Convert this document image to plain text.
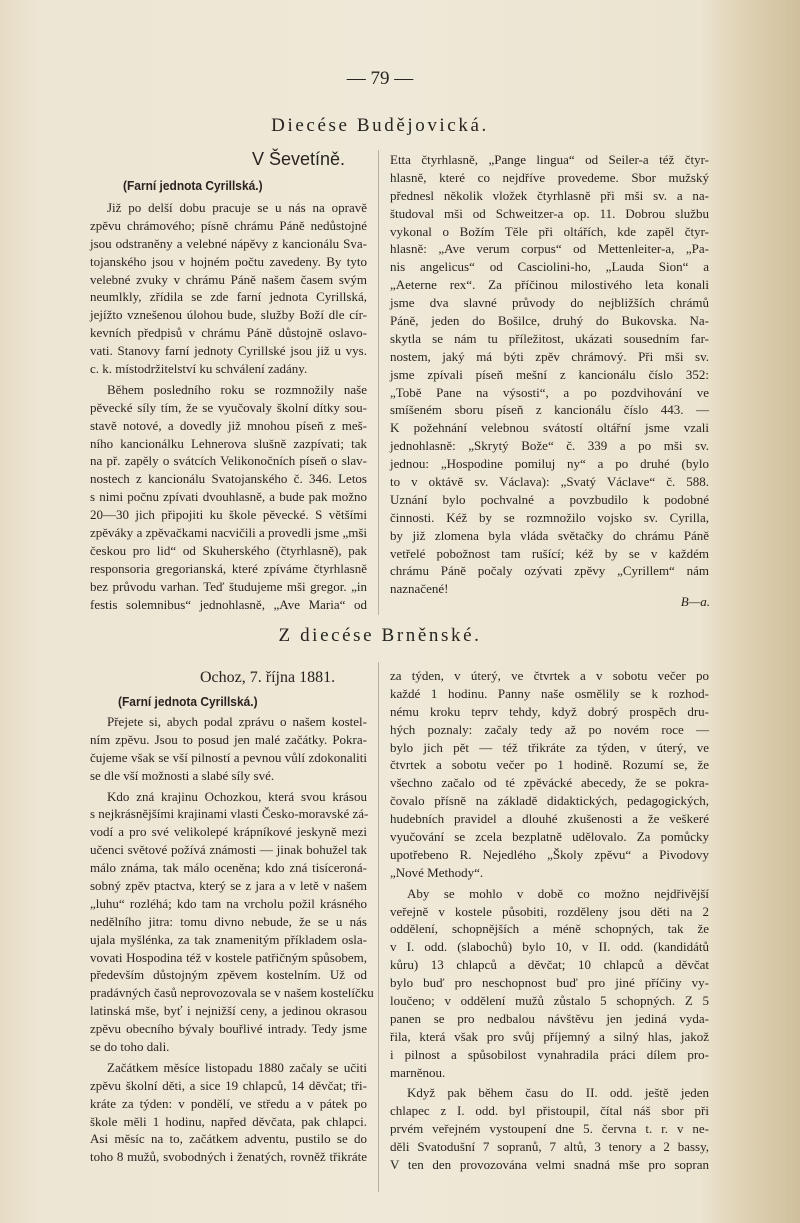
— 79 —
Diecése Budějovická.
V Ševetíně.
(Farní jednota Cyrillská.)
Již po delší dobu pracuje se u nás na opravě
zpěvu chrámového; písně chrámu Páně nedůstojné
jsou odstraněny a velebné nápěvy z kancionálu Sva-
tojanského jsou v hojném počtu zavedeny. By tyto
velebné zvuky v chrámu Páně našem časem svým
neumlkly, zřídila se zde farní jednota Cyrillská,
jejížto vznešenou úlohou bude, služby Boží dle cír-
kevních předpisů v chrámu Páně důstojně oslavo-
vati. Stanovy farní jednoty Cyrillské jsou již u vys.
c. k. místodržitelství ku schválení zadány.
Během posledního roku se rozmnožily naše
pěvecké síly tím, že se vyučovaly školní dítky sou-
stavě notové, a dovedly již mnohou píseň z meš-
ního kancionálku Lehnerova slušně zazpívati; tak
na př. zapěly o svátcích Velikonočních píseň o slav-
nostech z kancionálu Svatojanského č. 346. Letos
s nimi počnu zpívati dvouhlasně, a bude pak možno
20—30 jich připojiti ku škole pěvecké. S většími
zpěváky a zpěvačkami nacvičili a provedli jsme „mši
českou pro lid“ od Skuherského (čtyrhlasně), pak
responsoria gregorianská, které zpíváme čtyrhlasně
bez průvodu varhan. Teď študujeme mši gregor. „in
festis solemnibus“ jednohlasně, „Ave Maria“ od
Etta čtyrhlasně, „Pange lingua“ od Seiler-a též čtyr-
hlasně, které co nejdříve provedeme. Sbor mužský
přednesl několik vložek čtyrhlasně při mši sv. a na-
študoval mši od Schweitzer-a op. 11. Dobrou službu
vykonal o Božím Těle při oltářích, kde zapěl čtyr-
hlasně: „Ave verum corpus“ od Mettenleiter-a, „Pa-
nis angelicus“ od Casciolini-ho, „Lauda Sion“ a
„Aeterne rex“. Za příčinou milostivého leta konali
jsme dva slavné průvody do nejbližších chrámů
Páně, jeden do Bošilce, druhý do Bukovska. Na-
skytla se nám tu příležitost, ukázati sousedním far-
nostem, jaký má býti zpěv chrámový. Při mši sv.
jsme zpívali píseň mešní z kancionálu číslo 352:
„Tobě Pane na výsosti“, a po pozdvihování ve
smíšeném sboru píseň z kancionálu číslo 443. —
K požehnání velebnou svátostí oltářní jsme vzali
jednohlasně: „Skrytý Bože“ č. 339 a po mši sv.
jednou: „Hospodine pomiluj ny“ a po druhé (bylo
to v oktávě sv. Václava): „Svatý Václave“ č. 588.
Uznání bylo pochvalné a povzbudilo k podobné
činnosti. Kéž by se rozmnožilo vojsko sv. Cyrilla,
by již zlomena byla vláda světačky do chrámu Páně
vetřelé pobožnost tam rušící; kéž by se v každém
chrámu Páně počaly ozývati zpěvy „Cyrillem“ nám
naznačené!
B—a.
Z diecése Brněnské.
Ochoz, 7. října 1881.
(Farní jednota Cyrillská.)
Přejete si, abych podal zprávu o našem kostel-
ním zpěvu. Jsou to posud jen malé začátky. Pokra-
čujeme však se vší pilností a pevnou vůlí zdokonaliti
se dle vší možnosti a slabé síly své.
Kdo zná krajinu Ochozkou, která svou krásou
s nejkrásnějšími krajinami vlasti Česko-moravské zá-
vodí a pro své velikolepé krápníkové jeskyně mezi
učenci světové požívá známosti — jinak bohužel tak
málo známa, tak málo oceněna; kdo zná tisíceroná-
sobný zpěv ptactva, který se z jara a v letě v našem
„luhu“ rozléhá; kdo tam na vrcholu požil krásného
nedělního jitra: tomu divno nebude, že se u nás
ujala myšlénka, za tak znamenitým příkladem osla-
vovati Hospodina též v kostele patřičným spůsobem,
především důstojným zpěvem kostelním. Už od
pradávných časů neprovozovala se v našem kostelíčku
latinská mše, byť i nejnižší ceny, a jedinou okrasou
zpěvu obecního bývaly bouřlivé intrady. Tedy jsme
se do toho dali.
Začátkem měsíce listopadu 1880 začaly se učiti
zpěvu školní děti, a sice 19 chlapců, 14 děvčat; tři-
kráte za týden: v pondělí, ve středu a v pátek po
škole měli 1 hodinu, napřed děvčata, pak chlapci.
Asi měsíc na to, začátkem adventu, pustilo se do
toho 8 mužů, svobodných i ženatých, rovněž třikráte
za týden, v úterý, ve čtvrtek a v sobotu večer po
každé 1 hodinu. Panny naše osmělily se k rozhod-
nému kroku teprv tehdy, když dobrý prospěch dru-
hých poznaly: začaly tedy až po novém roce —
bylo jich pět — též třikráte za týden, v úterý, ve
čtvrtek a sobotu večer po 1 hodině. Rozumí se, že
všechno začalo od té zpěvácké abecedy, že se pokra-
čovalo přísně na základě didaktických, pedagogických,
hudebních pravidel a dlouhé zkušenosti a že veškeré
vyučování se zcela bezplatně udělovalo. Za pomůcky
upotřebeno R. Nejedlého „Školy zpěvu“ a Pivodovy
„Nové Methody“.
Aby se mohlo v době co možno nejdřivější
veřejně v kostele působiti, rozděleny jsou děti na 2
oddělení, schopnějších a méně schopných, tak že
v I. odd. (slabochů) bylo 10, v II. odd. (kandidátů
kůru) 13 chlapců a děvčat; 10 chlapců a děvčat
bylo buď pro neschopnost buď pro jiné příčiny vy-
loučeno; v oddělení mužů zůstalo 5 schopných. Z 5
panen se pro nedbalou návštěvu jen jediná vyda-
řila, která však pro svůj příjemný a silný hlas, jakož
i pilnost a spůsobilost vynahradila práci dílem pro-
marněnou.
Když pak během času do II. odd. ještě jeden
chlapec z I. odd. byl přistoupil, čítal náš sbor při
prvém veřejném vystoupení dne 5. června t. r. v ne-
děli Svatodušní 7 sopranů, 7 altů, 3 tenory a 2 bassy,
V ten den provozována velmi snadná mše pro sopran
